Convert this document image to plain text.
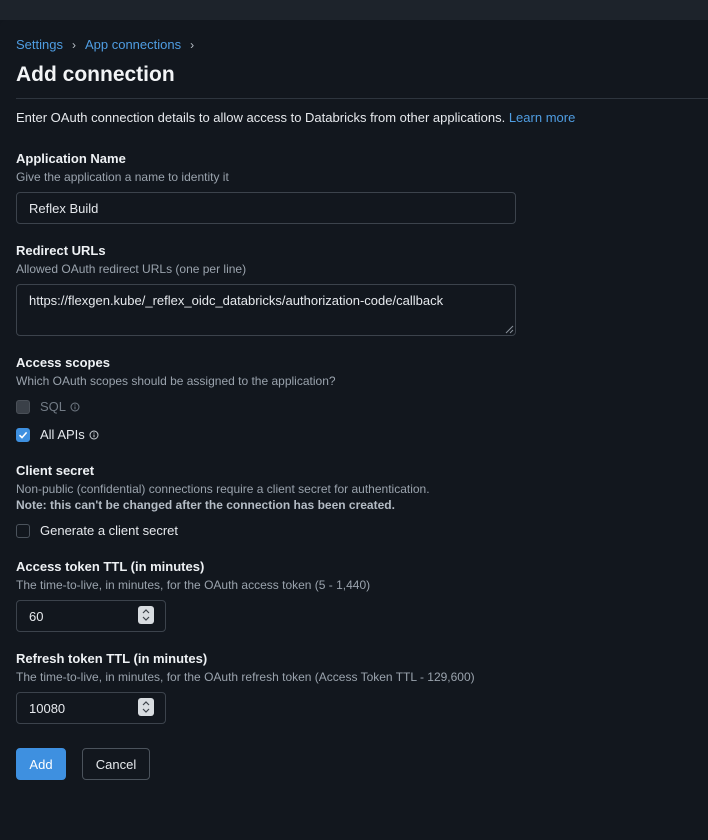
Settings › App connections ›
Add connection
Enter OAuth connection details to allow access to Databricks from other applications. Learn more
Application Name
Give the application a name to identity it
Reflex Build
Redirect URLs
Allowed OAuth redirect URLs (one per line)
https://flexgen.kube/_reflex_oidc_databricks/authorization-code/callback
Access scopes
Which OAuth scopes should be assigned to the application?
SQL
All APIs
Client secret
Non-public (confidential) connections require a client secret for authentication.
Note: this can't be changed after the connection has been created.
Generate a client secret
Access token TTL (in minutes)
The time-to-live, in minutes, for the OAuth access token (5 - 1,440)
60
Refresh token TTL (in minutes)
The time-to-live, in minutes, for the OAuth refresh token (Access Token TTL - 129,600)
10080
Add	Cancel
